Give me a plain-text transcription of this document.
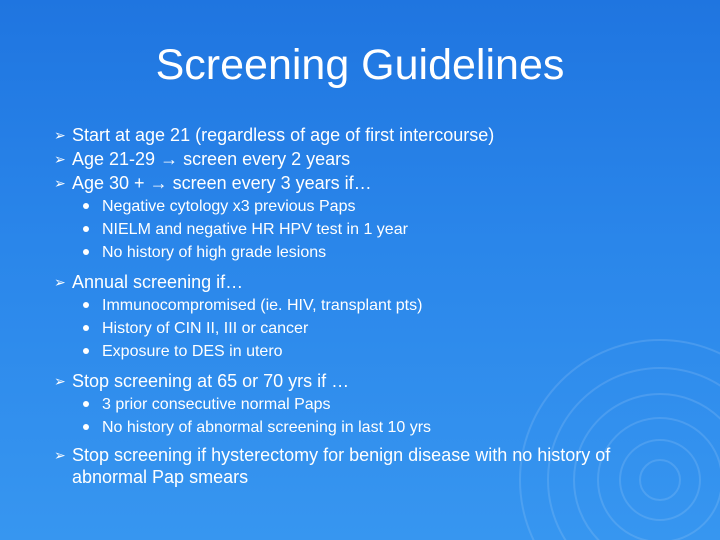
Screening Guidelines
➢ Start at age 21 (regardless of age of first intercourse)
➢ Age 21-29 → screen every 2 years
➢ Age 30 + → screen every 3 years if…
Negative cytology x3 previous Paps
NIELM and negative HR HPV test in 1 year
No history of high grade lesions
➢ Annual screening if…
Immunocompromised (ie. HIV, transplant pts)
History of CIN II, III or cancer
Exposure to DES in utero
➢ Stop screening at 65 or 70 yrs if …
3 prior consecutive normal Paps
No history of abnormal screening in last 10 yrs
➢ Stop screening if hysterectomy for benign disease with no history of abnormal Pap smears
